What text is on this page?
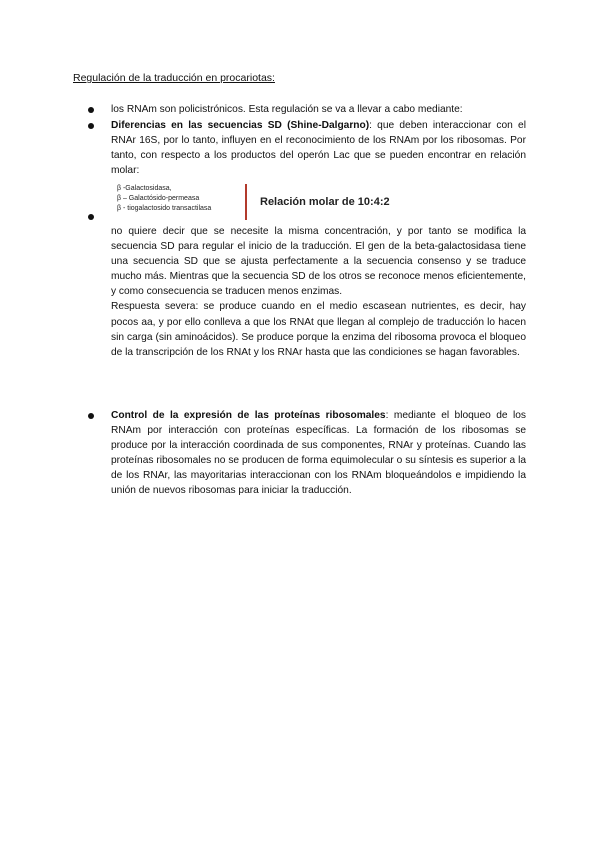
Regulación de la traducción en procariotas:
los RNAm son policistrónicos. Esta regulación se va a llevar a cabo mediante:
Diferencias en las secuencias SD (Shine-Dalgarno): que deben interaccionar con el RNAr 16S, por lo tanto, influyen en el reconocimiento de los RNAm por los ribosomas. Por tanto, con respecto a los productos del operón Lac que se pueden encontrar en relación molar:
β -Galactosidasa,
β – Galactósido-permeasa
β - tiogalactosido transactilasa
Relación molar de 10:4:2
no quiere decir que se necesite la misma concentración, y por tanto se modifica la secuencia SD para regular el inicio de la traducción. El gen de la beta-galactosidasa tiene una secuencia SD que se ajusta perfectamente a la secuencia consenso y se traduce mucho más. Mientras que la secuencia SD de los otros se reconoce menos eficientemente, y como consecuencia se traducen menos enzimas.
Respuesta severa: se produce cuando en el medio escasean nutrientes, es decir, hay pocos aa, y por ello conlleva a que los RNAt que llegan al complejo de traducción lo hacen sin carga (sin aminoácidos). Se produce porque la enzima del ribosoma provoca el bloqueo de la transcripción de los RNAt y los RNAr hasta que las condiciones se hagan favorables.
Control de la expresión de las proteínas ribosomales: mediante el bloqueo de los RNAm por interacción con proteínas específicas. La formación de los ribosomas se produce por la interacción coordinada de sus componentes, RNAr y proteínas. Cuando las proteínas ribosomales no se producen de forma equimolecular o su síntesis es superior a la de los RNAr, las mayoritarias interaccionan con los RNAm bloqueándolos e impidiendo la unión de nuevos ribosomas para iniciar la traducción.
